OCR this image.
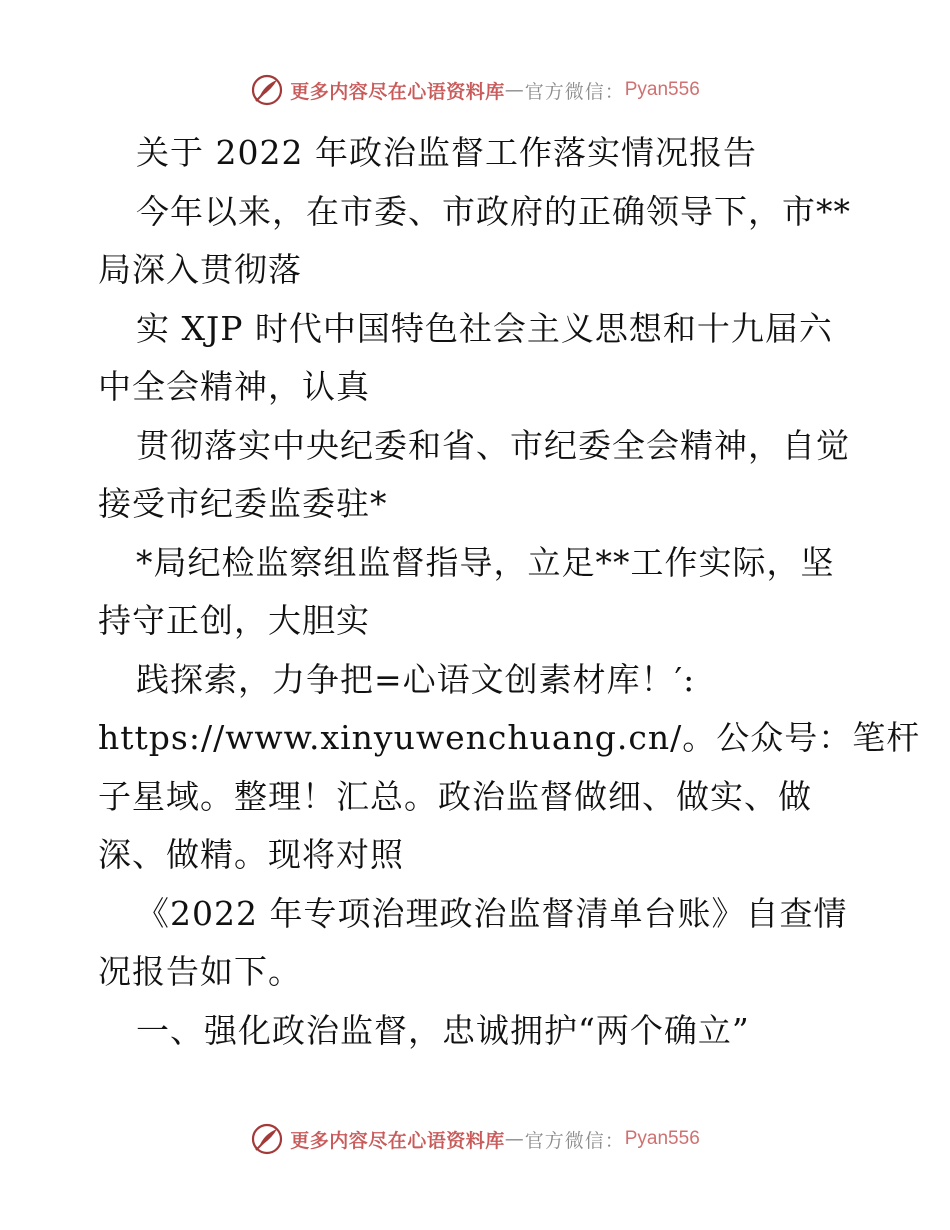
更多内容尽在心语资料库 — 官方微信： Pyan556
关于 2022 年政治监督工作落实情况报告
今年以来，在市委、市政府的正确领导下，市**
局深入贯彻落
实 XJP 时代中国特色社会主义思想和十九届六
中全会精神，认真
贯彻落实中央纪委和省、市纪委全会精神，自觉
接受市纪委监委驻*
*局纪检监察组监督指导，立足**工作实际，坚
持守正创，大胆实
践探索，力争把=心语文创素材库！′:
https://www.xinyuwenchuang.cn/。公众号：笔杆
子星域。整理！汇总。政治监督做细、做实、做
深、做精。现将对照
《2022 年专项治理政治监督清单台账》自查情
况报告如下。
一、强化政治监督，忠诚拥护“两个确立”
更多内容尽在心语资料库 — 官方微信： Pyan556
